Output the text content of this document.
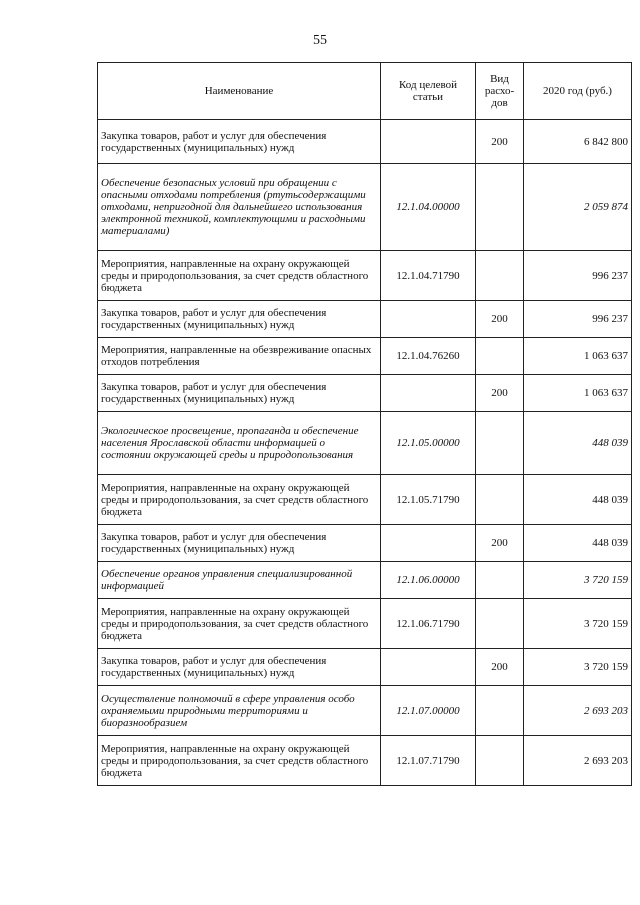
55
Наименование	Код целевой статьи	Вид расхо-дов	2020 год (руб.)
Закупка товаров, работ и услуг для обеспечения государственных (муниципальных) нужд		200	6 842 800
Обеспечение безопасных условий при обращении с опасными отходами потребления (ртутьсодержащими отходами, непригодной для дальнейшего использования электронной техникой, комплектующими и расходными материалами)	12.1.04.00000		2 059 874
Мероприятия, направленные на охрану окружающей среды и природопользования, за счет средств областного бюджета	12.1.04.71790		996 237
Закупка товаров, работ и услуг для обеспечения государственных (муниципальных) нужд		200	996 237
Мероприятия, направленные на обезвреживание опасных отходов потребления	12.1.04.76260		1 063 637
Закупка товаров, работ и услуг для обеспечения государственных (муниципальных) нужд		200	1 063 637
Экологическое просвещение, пропаганда и обеспечение населения Ярославской области информацией о состоянии окружающей среды и природопользования	12.1.05.00000		448 039
Мероприятия, направленные на охрану окружающей среды и природопользования, за счет средств областного бюджета	12.1.05.71790		448 039
Закупка товаров, работ и услуг для обеспечения государственных (муниципальных) нужд		200	448 039
Обеспечение органов управления специализированной информацией	12.1.06.00000		3 720 159
Мероприятия, направленные на охрану окружающей среды и природопользования, за счет средств областного бюджета	12.1.06.71790		3 720 159
Закупка товаров, работ и услуг для обеспечения государственных (муниципальных) нужд		200	3 720 159
Осуществление полномочий в сфере управления особо охраняемыми природными территориями и биоразнообразием	12.1.07.00000		2 693 203
Мероприятия, направленные на охрану окружающей среды и природопользования, за счет средств областного бюджета	12.1.07.71790		2 693 203
